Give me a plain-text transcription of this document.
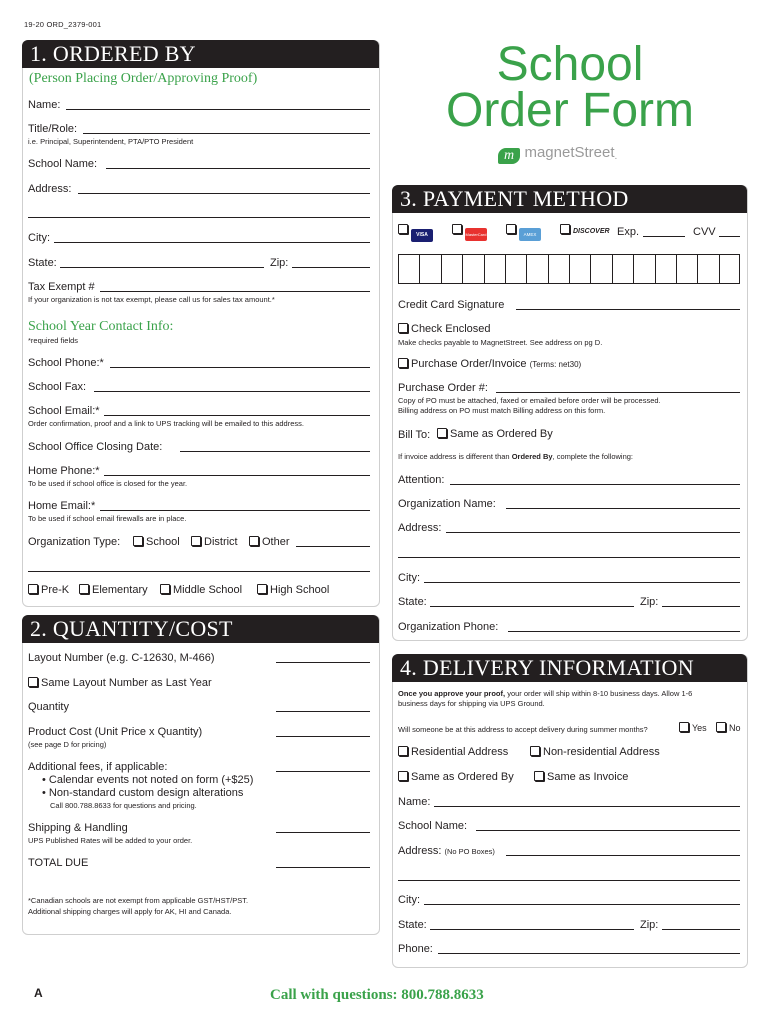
19-20 ORD_2379-001
School
Order Form
m magnetStreet.
1. ORDERED BY
(Person Placing Order/Approving Proof)
Name:
Title/Role:
i.e. Principal, Superintendent, PTA/PTO President
School Name:
Address:
City:
State:	Zip:
Tax Exempt #
If your organization is not tax exempt, please call us for sales tax amount.*
School Year Contact Info:
*required fields
School Phone:*
School Fax:
School Email:*
Order confirmation, proof and a link to UPS tracking will be emailed to this address.
School Office Closing Date:
Home Phone:*
To be used if school office is closed for the year.
Home Email:*
To be used if school email firewalls are in place.
Organization Type:	School	District	Other
Pre-K	Elementary	Middle School	High School
2. QUANTITY/COST
Layout Number (e.g. C-12630, M-466)
Same Layout Number as Last Year
Quantity
Product Cost (Unit Price x Quantity)
(see page D for pricing)
Additional fees, if applicable:
• Calendar events not noted on form (+$25)
• Non-standard custom design alterations
Call 800.788.8633 for questions and pricing.
Shipping & Handling
UPS Published Rates will be added to your order.
TOTAL DUE
*Canadian schools are not exempt from applicable GST/HST/PST.
Additional shipping charges will apply for AK, HI and Canada.
3. PAYMENT METHOD
VISA	MasterCard	AMEX	DISCOVER Exp.	CVV
Credit Card Signature
Check Enclosed
Make checks payable to MagnetStreet. See address on pg D.
Purchase Order/Invoice (Terms: net30)
Purchase Order #:
Copy of PO must be attached, faxed or emailed before order will be processed.
Billing address on PO must match Billing address on this form.
Bill To:	Same as Ordered By
If invoice address is different than Ordered By, complete the following:
Attention:
Organization Name:
Address:
City:
State:	Zip:
Organization Phone:
4. DELIVERY INFORMATION
Once you approve your proof, your order will ship within 8-10 business days. Allow 1-6
business days for shipping via UPS Ground.
Will someone be at this address to accept delivery during summer months?	Yes	No
Residential Address	Non-residential Address
Same as Ordered By	Same as Invoice
Name:
School Name:
Address: (No PO Boxes)
City:
State:	Zip:
Phone:
A	Call with questions: 800.788.8633
